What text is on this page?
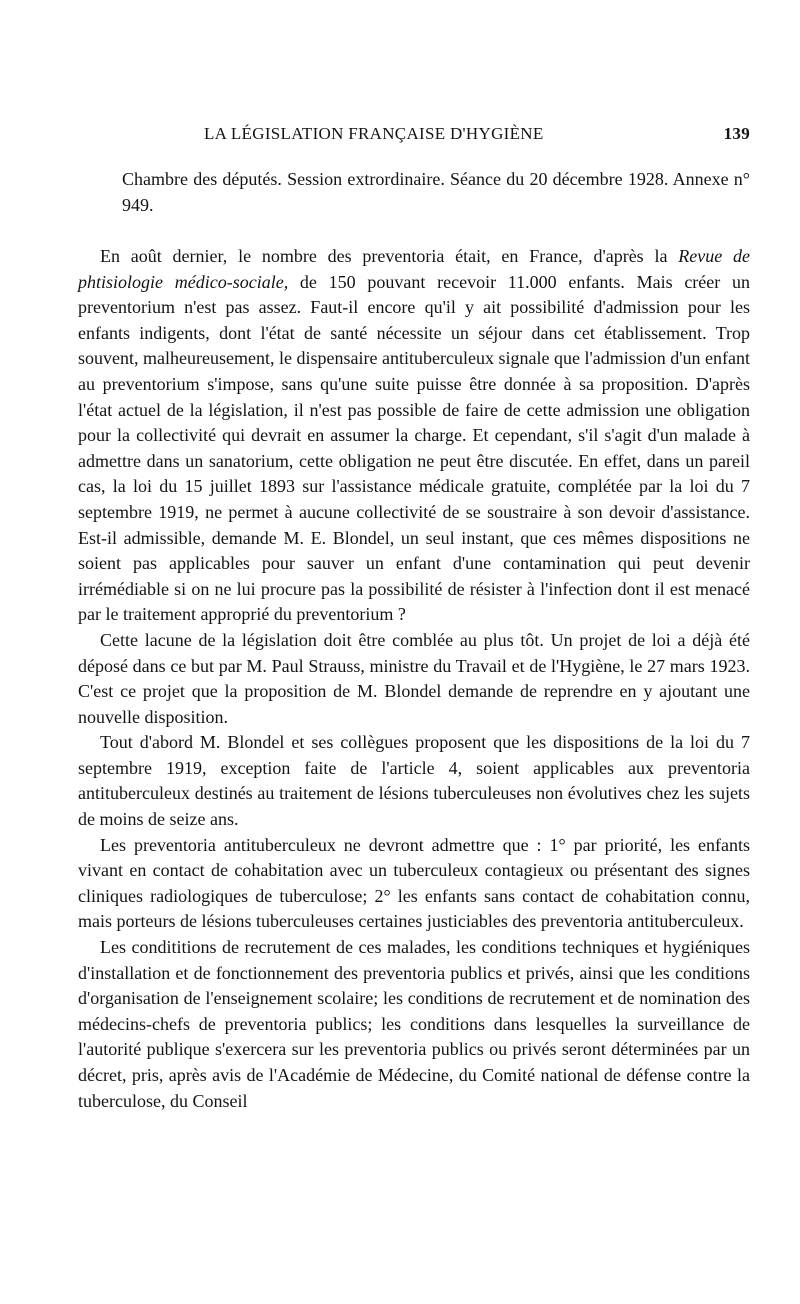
LA LÉGISLATION FRANÇAISE D'HYGIÈNE	139
Chambre des députés. Session extrordinaire. Séance du 20 décembre 1928. Annexe n° 949.

En août dernier, le nombre des preventoria était, en France, d'après la Revue de phtisiologie médico-sociale, de 150 pouvant recevoir 11.000 enfants. Mais créer un preventorium n'est pas assez. Faut-il encore qu'il y ait possibilité d'admission pour les enfants indigents, dont l'état de santé nécessite un séjour dans cet établissement. Trop souvent, malheureusement, le dispensaire antituberculeux signale que l'admission d'un enfant au preventorium s'impose, sans qu'une suite puisse être donnée à sa proposition. D'après l'état actuel de la législation, il n'est pas possible de faire de cette admission une obligation pour la collectivité qui devrait en assumer la charge. Et cependant, s'il s'agit d'un malade à admettre dans un sanatorium, cette obligation ne peut être discutée. En effet, dans un pareil cas, la loi du 15 juillet 1893 sur l'assistance médicale gratuite, complétée par la loi du 7 septembre 1919, ne permet à aucune collectivité de se soustraire à son devoir d'assistance. Est-il admissible, demande M. E. Blondel, un seul instant, que ces mêmes dispositions ne soient pas applicables pour sauver un enfant d'une contamination qui peut devenir irrémédiable si on ne lui procure pas la possibilité de résister à l'infection dont il est menacé par le traitement approprié du preventorium ?

Cette lacune de la législation doit être comblée au plus tôt. Un projet de loi a déjà été déposé dans ce but par M. Paul Strauss, ministre du Travail et de l'Hygiène, le 27 mars 1923. C'est ce projet que la proposition de M. Blondel demande de reprendre en y ajoutant une nouvelle disposition.

Tout d'abord M. Blondel et ses collègues proposent que les dispositions de la loi du 7 septembre 1919, exception faite de l'article 4, soient applicables aux preventoria antituberculeux destinés au traitement de lésions tuberculeuses non évolutives chez les sujets de moins de seize ans.

Les preventoria antituberculeux ne devront admettre que : 1° par priorité, les enfants vivant en contact de cohabitation avec un tuberculeux contagieux ou présentant des signes cliniques radiologiques de tuberculose; 2° les enfants sans contact de cohabitation connu, mais porteurs de lésions tuberculeuses certaines justiciables des preventoria antituberculeux.

Les condititions de recrutement de ces malades, les conditions techniques et hygiéniques d'installation et de fonctionnement des preventoria publics et privés, ainsi que les conditions d'organisation de l'enseignement scolaire; les conditions de recrutement et de nomination des médecins-chefs de preventoria publics; les conditions dans lesquelles la surveillance de l'autorité publique s'exercera sur les preventoria publics ou privés seront déterminées par un décret, pris, après avis de l'Académie de Médecine, du Comité national de défense contre la tuberculose, du Conseil
